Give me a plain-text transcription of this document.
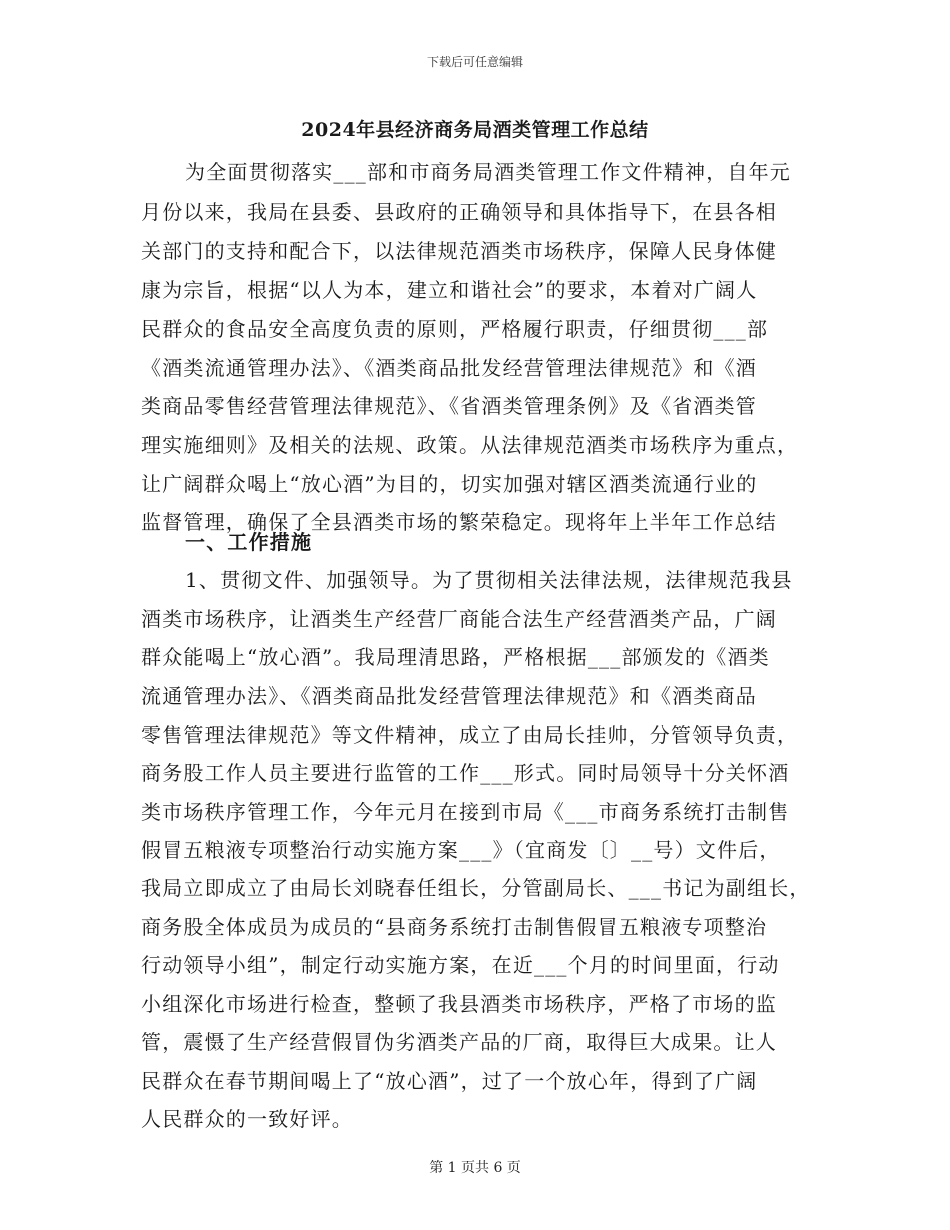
下载后可任意编辑
2024年县经济商务局酒类管理工作总结
为全面贯彻落实___部和市商务局酒类管理工作文件精神，自年元
月份以来，我局在县委、县政府的正确领导和具体指导下，在县各相
关部门的支持和配合下，以法律规范酒类市场秩序，保障人民身体健
康为宗旨，根据“以人为本，建立和谐社会”的要求，本着对广阔人
民群众的食品安全高度负责的原则，严格履行职责，仔细贯彻___部
《酒类流通管理办法》、《酒类商品批发经营管理法律规范》和《酒
类商品零售经营管理法律规范》、《省酒类管理条例》及《省酒类管
理实施细则》及相关的法规、政策。从法律规范酒类市场秩序为重点，
让广阔群众喝上“放心酒”为目的，切实加强对辖区酒类流通行业的
监督管理，确保了全县酒类市场的繁荣稳定。现将年上半年工作总结
一、工作措施
1、贯彻文件、加强领导。为了贯彻相关法律法规，法律规范我县
酒类市场秩序，让酒类生产经营厂商能合法生产经营酒类产品，广阔
群众能喝上“放心酒”。我局理清思路，严格根据___部颁发的《酒类
流通管理办法》、《酒类商品批发经营管理法律规范》和《酒类商品
零售管理法律规范》等文件精神，成立了由局长挂帅，分管领导负责，
商务股工作人员主要进行监管的工作___形式。同时局领导十分关怀酒
类市场秩序管理工作，今年元月在接到市局《___市商务系统打击制售
假冒五粮液专项整治行动实施方案___》（宜商发〔〕__号）文件后，
我局立即成立了由局长刘晓春任组长，分管副局长、___书记为副组长，
商务股全体成员为成员的“县商务系统打击制售假冒五粮液专项整治
行动领导小组”，制定行动实施方案，在近___个月的时间里面，行动
小组深化市场进行检查，整顿了我县酒类市场秩序，严格了市场的监
管，震慑了生产经营假冒伪劣酒类产品的厂商，取得巨大成果。让人
民群众在春节期间喝上了“放心酒”，过了一个放心年，得到了广阔
人民群众的一致好评。
第 1 页共 6 页
